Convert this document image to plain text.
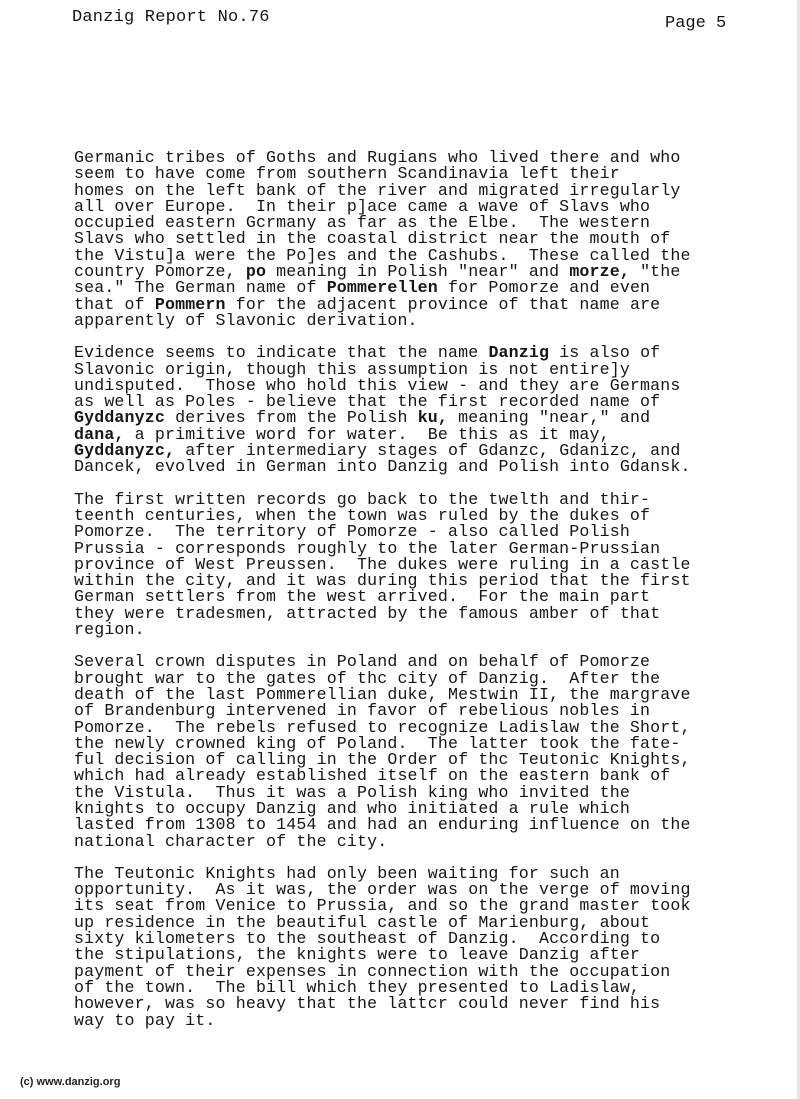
Danzig Report No.76	Page 5

Germanic tribes of Goths and Rugians who lived there and who
seem to have come from southern Scandinavia left their
homes on the left bank of the river and migrated irregularly
all over Europe.  In their p]ace came a wave of Slavs who
occupied eastern Gcrmany as far as the Elbe.  The western
Slavs who settled in the coastal district near the mouth of
the Vistu]a were the Po]es and the Cashubs.  These called the
country Pomorze, po meaning in Polish "near" and morze, "the
sea." The German name of Pommerellen for Pomorze and even
that of Pommern for the adjacent province of that name are
apparently of Slavonic derivation.

Evidence seems to indicate that the name Danzig is also of
Slavonic origin, though this assumption is not entire]y
undisputed.  Those who hold this view - and they are Germans
as well as Poles - believe that the first recorded name of
Gyddanyzc derives from the Polish ku, meaning "near," and
dana, a primitive word for water.  Be this as it may,
Gyddanyzc, after intermediary stages of Gdanzc, Gdanizc, and
Dancek, evolved in German into Danzig and Polish into Gdansk.

The first written records go back to the twelth and thir-
teenth centuries, when the town was ruled by the dukes of
Pomorze.  The territory of Pomorze - also called Polish
Prussia - corresponds roughly to the later German-Prussian
province of West Preussen.  The dukes were ruling in a castle
within the city, and it was during this period that the first
German settlers from the west arrived.  For the main part
they were tradesmen, attracted by the famous amber of that
region.

Several crown disputes in Poland and on behalf of Pomorze
brought war to the gates of thc city of Danzig.  After the
death of the last Pommerellian duke, Mestwin II, the margrave
of Brandenburg intervened in favor of rebelious nobles in
Pomorze.  The rebels refused to recognize Ladislaw the Short,
the newly crowned king of Poland.  The latter took the fate-
ful decision of calling in the Order of thc Teutonic Knights,
which had already established itself on the eastern bank of
the Vistula.  Thus it was a Polish king who invited the
knights to occupy Danzig and who initiated a rule which
lasted from 1308 to 1454 and had an enduring influence on the
national character of the city.

The Teutonic Knights had only been waiting for such an
opportunity.  As it was, the order was on the verge of moving
its seat from Venice to Prussia, and so the grand master took
up residence in the beautiful castle of Marienburg, about
sixty kilometers to the southeast of Danzig.  According to
the stipulations, the knights were to leave Danzig after
payment of their expenses in connection with the occupation
of the town.  The bill which they presented to Ladislaw,
however, was so heavy that the lattcr could never find his
way to pay it.

(c) www.danzig.org
